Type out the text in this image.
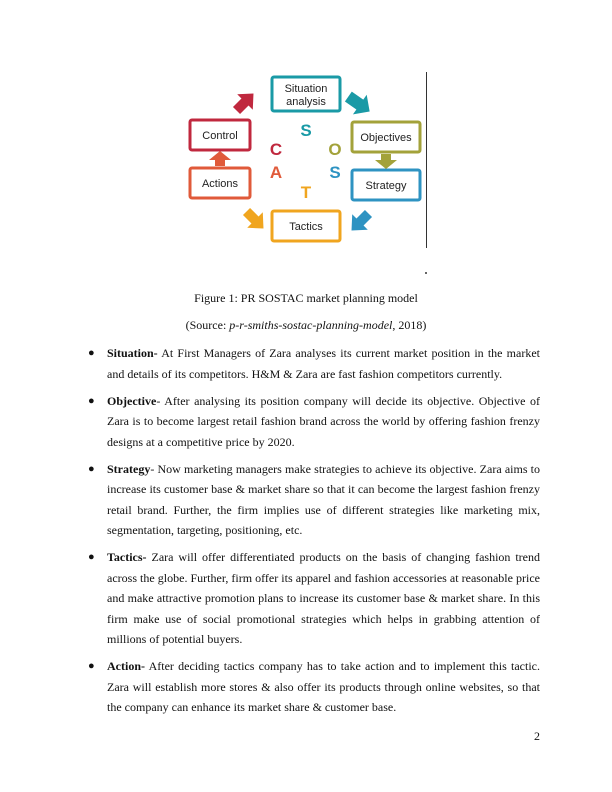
Situation
analysis
Objectives
Strategy
Tactics
Actions
Control	S
O
S
T
A
C
Figure 1: PR SOSTAC market planning model
(Source: p-r-smiths-sostac-planning-model, 2018)
● Situation- At First Managers of Zara analyses its current market position in the market and details of its competitors. H&M & Zara are fast fashion competitors currently.
● Objective- After analysing its position company will decide its objective. Objective of Zara is to become largest retail fashion brand across the world by offering fashion frenzy designs at a competitive price by 2020.
● Strategy- Now marketing managers make strategies to achieve its objective. Zara aims to increase its customer base & market share so that it can become the largest fashion frenzy retail brand. Further, the firm implies use of different strategies like marketing mix, segmentation, targeting, positioning, etc.
● Tactics- Zara will offer differentiated products on the basis of changing fashion trend across the globe. Further, firm offer its apparel and fashion accessories at reasonable price and make attractive promotion plans to increase its customer base & market share. In this firm make use of social promotional strategies which helps in grabbing attention of millions of potential buyers.
● Action- After deciding tactics company has to take action and to implement this tactic. Zara will establish more stores & also offer its products through online websites, so that the company can enhance its market share & customer base.
2
